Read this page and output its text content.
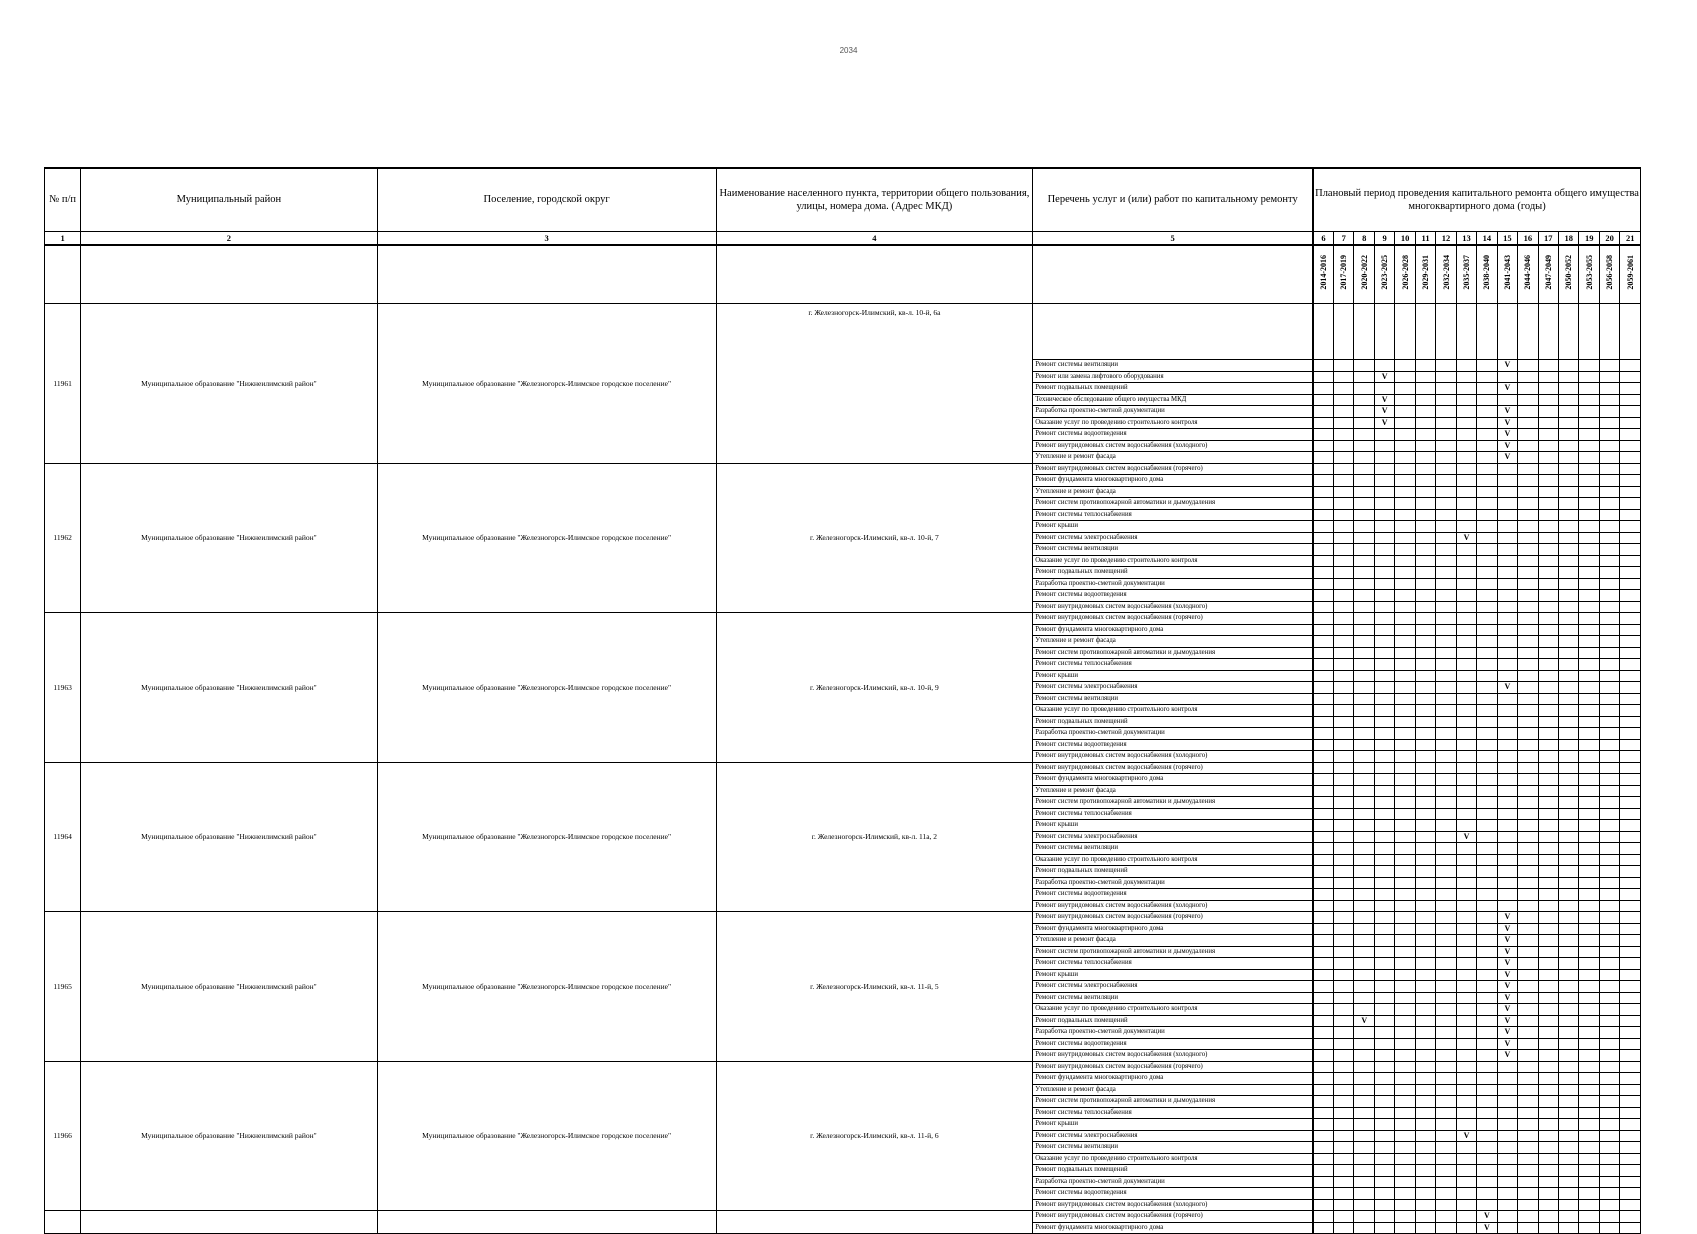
2034
№ п/п	Муниципальный район	Поселение, городской округ	Наименование населенного пункта, территории общего пользования, улицы, номера дома. (Адрес МКД)	Перечень услуг и (или) работ по капитальному ремонту	Плановый период проведения капитального ремонта общего имущества многоквартирного дома (годы)															
1	2	3	4	5	6	7	8	9	10	11	12	13	14	15	16	17	18	19	20	21
					2014-2016	2017-2019	2020-2022	2023-2025	2026-2028	2029-2031	2032-2034	2035-2037	2038-2040	2041-2043	2044-2046	2047-2049	2050-2052	2053-2055	2056-2058	2059-2061
11961	Муниципальное образование "Нижнеилимский район"	Муниципальное образование "Железногорск-Илимское городское поселение"	г. Железногорск-Илимский, кв-л. 10-й, 6а																	
				Ремонт системы вентиляции										V						
				Ремонт или замена лифтового оборудования				V												
				Ремонт подвальных помещений										V						
				Техническое обследование общего имущества МКД				V												
				Разработка проектно-сметной документации				V						V						
				Оказание услуг по проведению строительного контроля				V						V						
				Ремонт системы водоотведения										V						
				Ремонт внутридомовых систем водоснабжения (холодного)										V						
				Утепление и ремонт фасада										V						
11962	Муниципальное образование "Нижнеилимский район"	Муниципальное образование "Железногорск-Илимское городское поселение"	г. Железногорск-Илимский, кв-л. 10-й, 7	Ремонт внутридомовых систем водоснабжения (горячего)																
				Ремонт фундамента многоквартирного дома																
				Утепление и ремонт фасада																
				Ремонт систем противопожарной автоматики и дымоудаления																
				Ремонт системы теплоснабжения																
				Ремонт крыши																
				Ремонт системы электроснабжения								V								
				Ремонт системы вентиляции																
				Оказание услуг по проведению строительного контроля																
				Ремонт подвальных помещений																
				Разработка проектно-сметной документации																
				Ремонт системы водоотведения																
				Ремонт внутридомовых систем водоснабжения (холодного)																
11963	Муниципальное образование "Нижнеилимский район"	Муниципальное образование "Железногорск-Илимское городское поселение"	г. Железногорск-Илимский, кв-л. 10-й, 9	Ремонт внутридомовых систем водоснабжения (горячего)																
				Ремонт фундамента многоквартирного дома																
				Утепление и ремонт фасада																
				Ремонт систем противопожарной автоматики и дымоудаления																
				Ремонт системы теплоснабжения																
				Ремонт крыши																
				Ремонт системы электроснабжения										V						
				Ремонт системы вентиляции																
				Оказание услуг по проведению строительного контроля																
				Ремонт подвальных помещений																
				Разработка проектно-сметной документации																
				Ремонт системы водоотведения																
				Ремонт внутридомовых систем водоснабжения (холодного)																
11964	Муниципальное образование "Нижнеилимский район"	Муниципальное образование "Железногорск-Илимское городское поселение"	г. Железногорск-Илимский, кв-л. 11а, 2	Ремонт внутридомовых систем водоснабжения (горячего)																
				Ремонт фундамента многоквартирного дома																
				Утепление и ремонт фасада																
				Ремонт систем противопожарной автоматики и дымоудаления																
				Ремонт системы теплоснабжения																
				Ремонт крыши																
				Ремонт системы электроснабжения								V								
				Ремонт системы вентиляции																
				Оказание услуг по проведению строительного контроля																
				Ремонт подвальных помещений																
				Разработка проектно-сметной документации																
				Ремонт системы водоотведения																
				Ремонт внутридомовых систем водоснабжения (холодного)																
11965	Муниципальное образование "Нижнеилимский район"	Муниципальное образование "Железногорск-Илимское городское поселение"	г. Железногорск-Илимский, кв-л. 11-й, 5	Ремонт внутридомовых систем водоснабжения (горячего)										V						
				Ремонт фундамента многоквартирного дома										V						
				Утепление и ремонт фасада										V						
				Ремонт систем противопожарной автоматики и дымоудаления										V						
				Ремонт системы теплоснабжения										V						
				Ремонт крыши										V						
				Ремонт системы электроснабжения										V						
				Ремонт системы вентиляции										V						
				Оказание услуг по проведению строительного контроля										V						
				Ремонт подвальных помещений			V							V						
				Разработка проектно-сметной документации										V						
				Ремонт системы водоотведения										V						
				Ремонт внутридомовых систем водоснабжения (холодного)										V						
11966	Муниципальное образование "Нижнеилимский район"	Муниципальное образование "Железногорск-Илимское городское поселение"	г. Железногорск-Илимский, кв-л. 11-й, 6	Ремонт внутридомовых систем водоснабжения (горячего)																
				Ремонт фундамента многоквартирного дома																
				Утепление и ремонт фасада																
				Ремонт систем противопожарной автоматики и дымоудаления																
				Ремонт системы теплоснабжения																
				Ремонт крыши																
				Ремонт системы электроснабжения								V								
				Ремонт системы вентиляции																
				Оказание услуг по проведению строительного контроля																
				Ремонт подвальных помещений																
				Разработка проектно-сметной документации																
				Ремонт системы водоотведения																
				Ремонт внутридомовых систем водоснабжения (холодного)																
				Ремонт внутридомовых систем водоснабжения (горячего)									V							
				Ремонт фундамента многоквартирного дома									V							
